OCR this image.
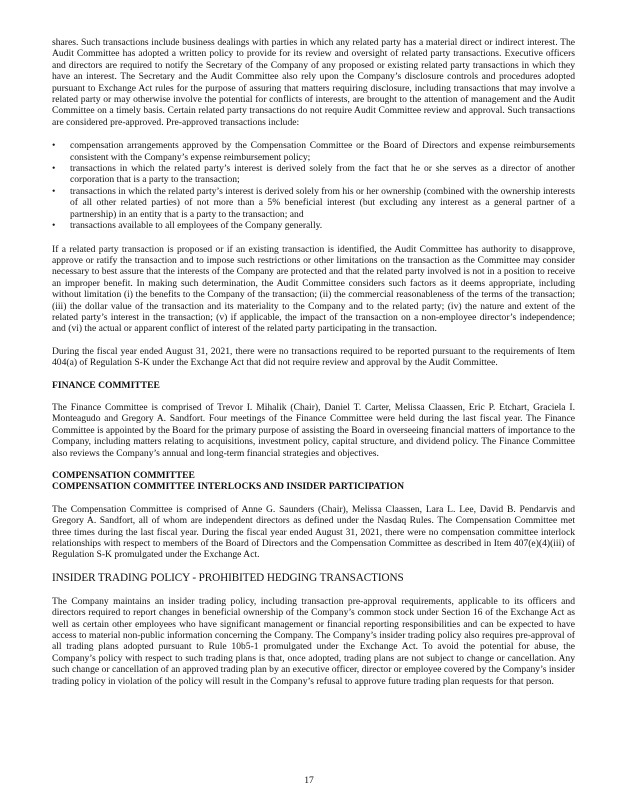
shares. Such transactions include business dealings with parties in which any related party has a material direct or indirect interest. The Audit Committee has adopted a written policy to provide for its review and oversight of related party transactions. Executive officers and directors are required to notify the Secretary of the Company of any proposed or existing related party transactions in which they have an interest. The Secretary and the Audit Committee also rely upon the Company’s disclosure controls and procedures adopted pursuant to Exchange Act rules for the purpose of assuring that matters requiring disclosure, including transactions that may involve a related party or may otherwise involve the potential for conflicts of interests, are brought to the attention of management and the Audit Committee on a timely basis. Certain related party transactions do not require Audit Committee review and approval. Such transactions are considered pre-approved. Pre-approved transactions include:

• compensation arrangements approved by the Compensation Committee or the Board of Directors and expense reimbursements consistent with the Company’s expense reimbursement policy;
• transactions in which the related party’s interest is derived solely from the fact that he or she serves as a director of another corporation that is a party to the transaction;
• transactions in which the related party’s interest is derived solely from his or her ownership (combined with the ownership interests of all other related parties) of not more than a 5% beneficial interest (but excluding any interest as a general partner of a partnership) in an entity that is a party to the transaction; and
• transactions available to all employees of the Company generally.

If a related party transaction is proposed or if an existing transaction is identified, the Audit Committee has authority to disapprove, approve or ratify the transaction and to impose such restrictions or other limitations on the transaction as the Committee may consider necessary to best assure that the interests of the Company are protected and that the related party involved is not in a position to receive an improper benefit. In making such determination, the Audit Committee considers such factors as it deems appropriate, including without limitation (i) the benefits to the Company of the transaction; (ii) the commercial reasonableness of the terms of the transaction; (iii) the dollar value of the transaction and its materiality to the Company and to the related party; (iv) the nature and extent of the related party’s interest in the transaction; (v) if applicable, the impact of the transaction on a non-employee director’s independence; and (vi) the actual or apparent conflict of interest of the related party participating in the transaction.

During the fiscal year ended August 31, 2021, there were no transactions required to be reported pursuant to the requirements of Item 404(a) of Regulation S-K under the Exchange Act that did not require review and approval by the Audit Committee.

FINANCE COMMITTEE

The Finance Committee is comprised of Trevor I. Mihalik (Chair), Daniel T. Carter, Melissa Claassen, Eric P. Etchart, Graciela I. Monteagudo and Gregory A. Sandfort. Four meetings of the Finance Committee were held during the last fiscal year. The Finance Committee is appointed by the Board for the primary purpose of assisting the Board in overseeing financial matters of importance to the Company, including matters relating to acquisitions, investment policy, capital structure, and dividend policy. The Finance Committee also reviews the Company’s annual and long-term financial strategies and objectives.

COMPENSATION COMMITTEE
COMPENSATION COMMITTEE INTERLOCKS AND INSIDER PARTICIPATION

The Compensation Committee is comprised of Anne G. Saunders (Chair), Melissa Claassen, Lara L. Lee, David B. Pendarvis and Gregory A. Sandfort, all of whom are independent directors as defined under the Nasdaq Rules. The Compensation Committee met three times during the last fiscal year. During the fiscal year ended August 31, 2021, there were no compensation committee interlock relationships with respect to members of the Board of Directors and the Compensation Committee as described in Item 407(e)(4)(iii) of Regulation S-K promulgated under the Exchange Act.

INSIDER TRADING POLICY - PROHIBITED HEDGING TRANSACTIONS

The Company maintains an insider trading policy, including transaction pre-approval requirements, applicable to its officers and directors required to report changes in beneficial ownership of the Company’s common stock under Section 16 of the Exchange Act as well as certain other employees who have significant management or financial reporting responsibilities and can be expected to have access to material non-public information concerning the Company. The Company’s insider trading policy also requires pre-approval of all trading plans adopted pursuant to Rule 10b5-1 promulgated under the Exchange Act. To avoid the potential for abuse, the Company’s policy with respect to such trading plans is that, once adopted, trading plans are not subject to change or cancellation. Any such change or cancellation of an approved trading plan by an executive officer, director or employee covered by the Company’s insider trading policy in violation of the policy will result in the Company’s refusal to approve future trading plan requests for that person.

17
